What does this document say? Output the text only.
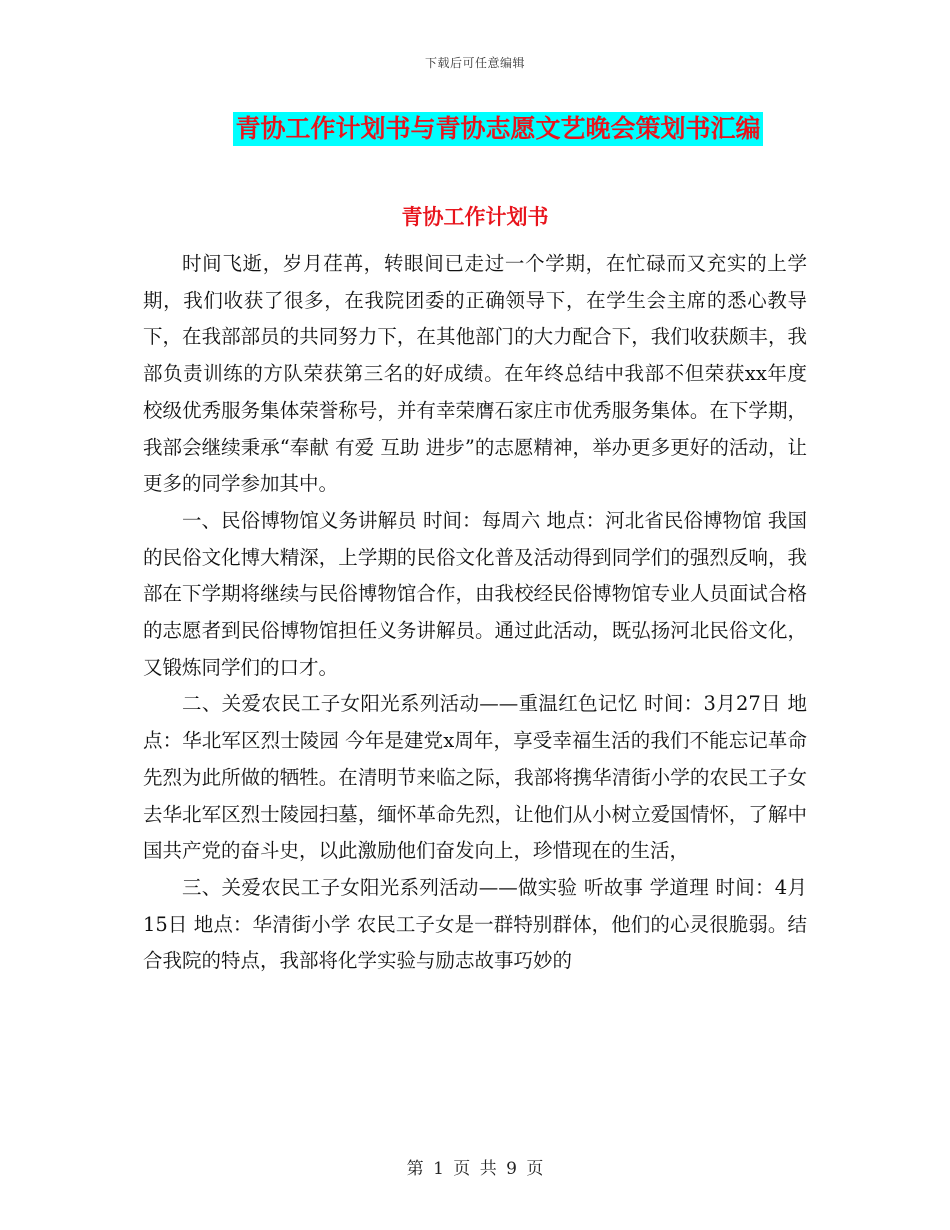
下载后可任意编辑
青协工作计划书与青协志愿文艺晚会策划书汇编
青协工作计划书

时间飞逝，岁月荏苒，转眼间已走过一个学期，在忙碌而又充实的上学期，我们收获了很多，在我院团委的正确领导下，在学生会主席的悉心教导下，在我部部员的共同努力下，在其他部门的大力配合下，我们收获颇丰，我部负责训练的方队荣获第三名的好成绩。在年终总结中我部不但荣获xx年度校级优秀服务集体荣誉称号，并有幸荣膺石家庄市优秀服务集体。在下学期，我部会继续秉承“奉献 有爱 互助 进步”的志愿精神，举办更多更好的活动，让更多的同学参加其中。

一、民俗博物馆义务讲解员 时间：每周六 地点：河北省民俗博物馆 我国的民俗文化博大精深，上学期的民俗文化普及活动得到同学们的强烈反响，我部在下学期将继续与民俗博物馆合作，由我校经民俗博物馆专业人员面试合格的志愿者到民俗博物馆担任义务讲解员。通过此活动，既弘扬河北民俗文化，又锻炼同学们的口才。

二、关爱农民工子女阳光系列活动——重温红色记忆 时间：3月27日 地点：华北军区烈士陵园 今年是建党x周年，享受幸福生活的我们不能忘记革命先烈为此所做的牺牲。在清明节来临之际，我部将携华清街小学的农民工子女去华北军区烈士陵园扫墓，缅怀革命先烈，让他们从小树立爱国情怀，了解中国共产党的奋斗史，以此激励他们奋发向上，珍惜现在的生活，

三、关爱农民工子女阳光系列活动——做实验 听故事 学道理 时间：4月15日 地点：华清街小学 农民工子女是一群特别群体，他们的心灵很脆弱。结合我院的特点，我部将化学实验与励志故事巧妙的

第 1 页 共 9 页
